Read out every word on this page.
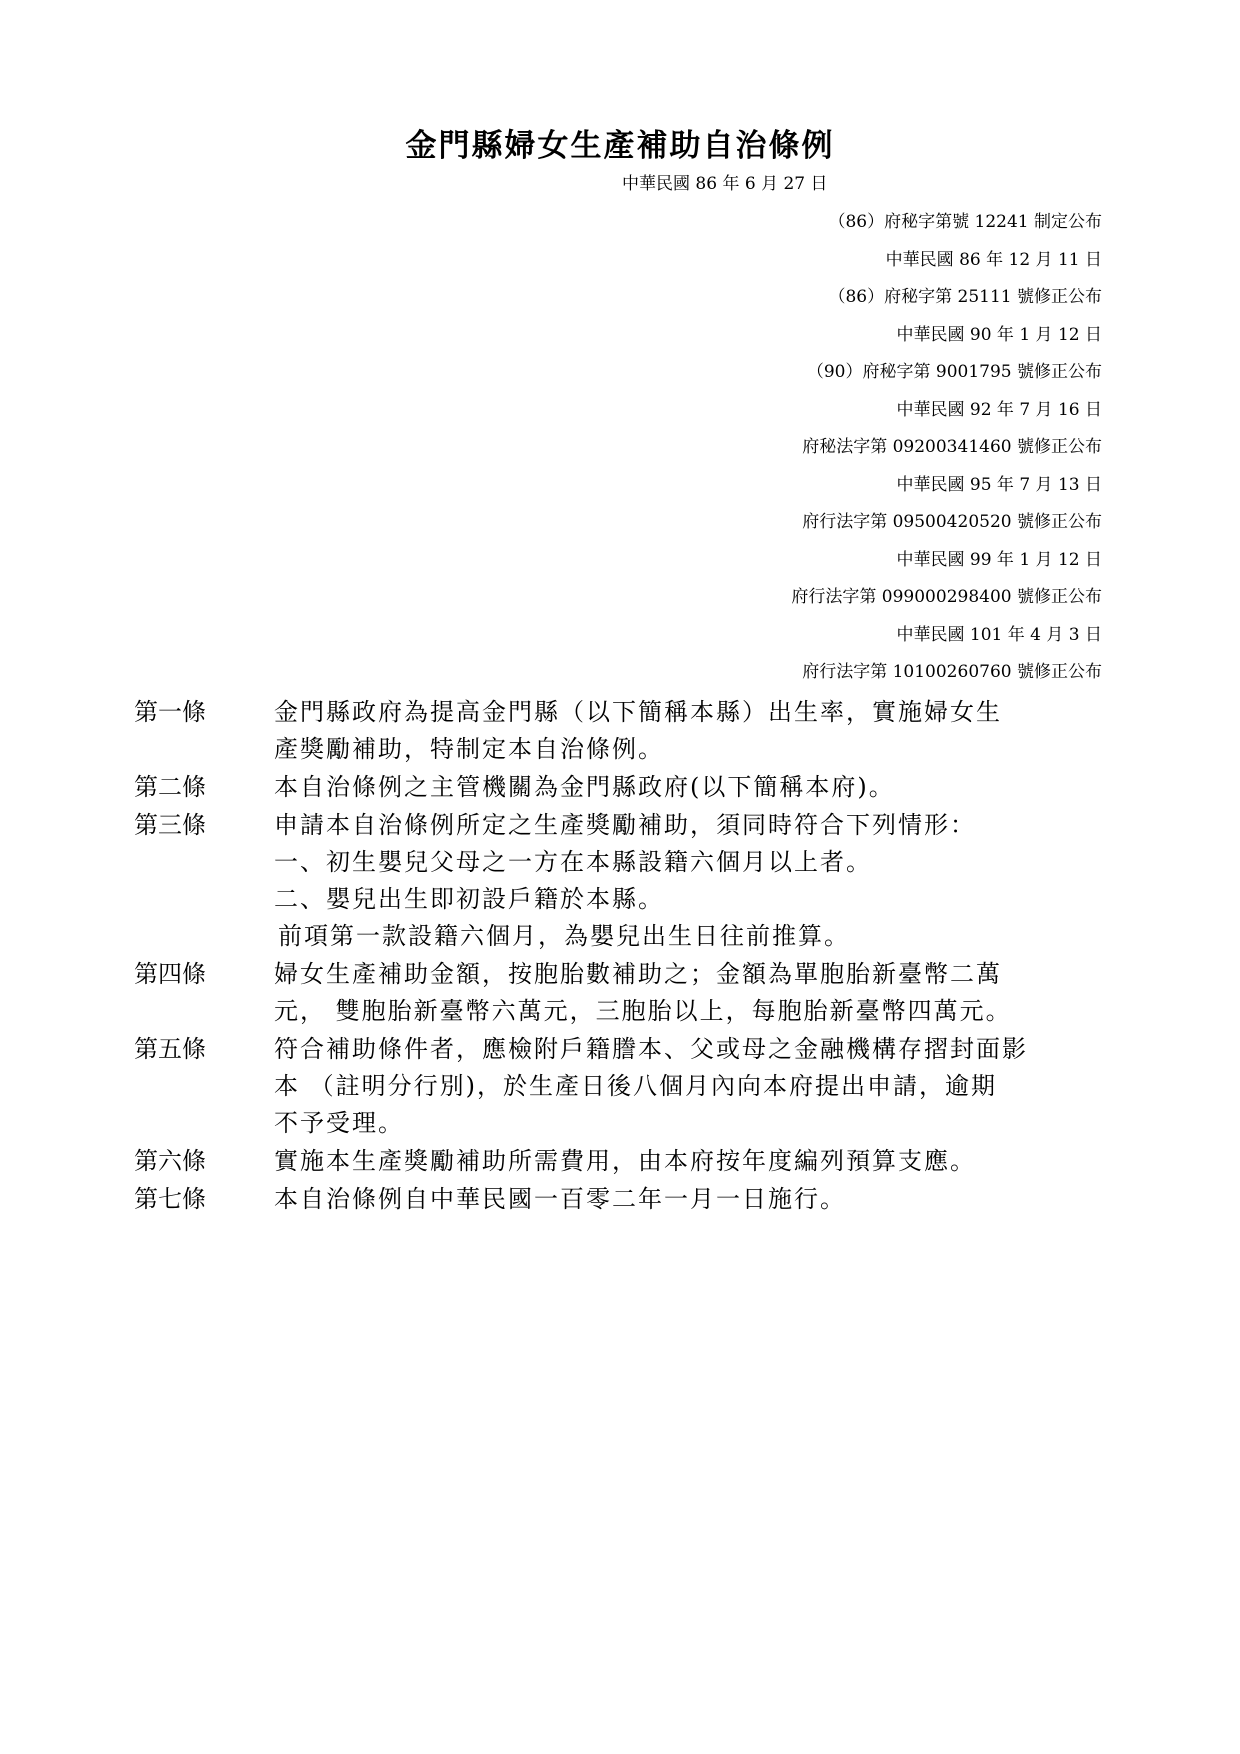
金門縣婦女生產補助自治條例
中華民國 86 年 6 月 27 日
（86）府秘字第號 12241 制定公布
中華民國 86 年 12 月 11 日
（86）府秘字第 25111 號修正公布
中華民國 90 年 1 月 12 日
（90）府秘字第 9001795 號修正公布
中華民國 92 年 7 月 16 日
府秘法字第 09200341460 號修正公布
中華民國 95 年 7 月 13 日
府行法字第 09500420520 號修正公布
中華民國 99 年 1 月 12 日
府行法字第 099000298400 號修正公布
中華民國 101 年 4 月 3 日
府行法字第 10100260760 號修正公布
第一條	金門縣政府為提高金門縣（以下簡稱本縣）出生率，實施婦女生
產獎勵補助，特制定本自治條例。
第二條	本自治條例之主管機關為金門縣政府(以下簡稱本府)。
第三條	申請本自治條例所定之生產獎勵補助，須同時符合下列情形：
一、初生嬰兒父母之一方在本縣設籍六個月以上者。
二、嬰兒出生即初設戶籍於本縣。
前項第一款設籍六個月，為嬰兒出生日往前推算。
第四條	婦女生產補助金額，按胞胎數補助之；金額為單胞胎新臺幣二萬
元， 雙胞胎新臺幣六萬元，三胞胎以上，每胞胎新臺幣四萬元。
第五條	符合補助條件者，應檢附戶籍謄本、父或母之金融機構存摺封面影
本 （註明分行別)，於生產日後八個月內向本府提出申請，逾期
不予受理。
第六條	實施本生產獎勵補助所需費用，由本府按年度編列預算支應。
第七條	本自治條例自中華民國一百零二年一月一日施行。
